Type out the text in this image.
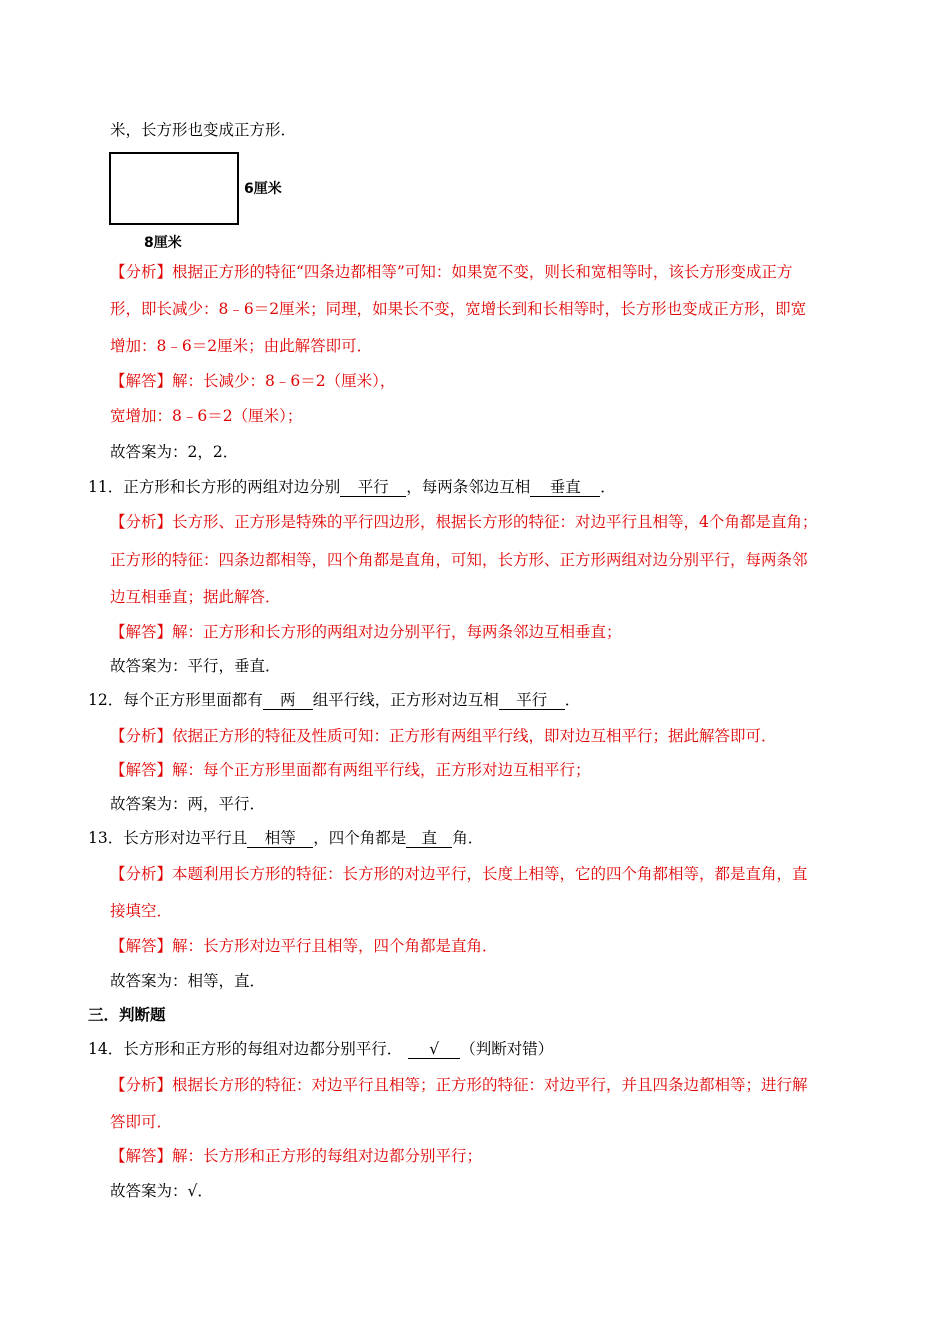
米，长方形也变成正方形．
6厘米
8厘米
【分析】根据正方形的特征“四条边都相等”可知：如果宽不变，则长和宽相等时，该长方形变成正方
形，即长减少：8﹣6＝2厘米；同理，如果长不变，宽增长到和长相等时，长方形也变成正方形，即宽
增加：8﹣6＝2厘米；由此解答即可．
【解答】解：长减少：8﹣6＝2（厘米），
宽增加：8﹣6＝2（厘米）；
故答案为：2，2．
11．正方形和长方形的两组对边分别 平行 ，每两条邻边互相 垂直 ．
【分析】长方形、正方形是特殊的平行四边形，根据长方形的特征：对边平行且相等，4个角都是直角；
正方形的特征：四条边都相等，四个角都是直角，可知，长方形、正方形两组对边分别平行，每两条邻
边互相垂直；据此解答．
【解答】解：正方形和长方形的两组对边分别平行，每两条邻边互相垂直；
故答案为：平行，垂直．
12．每个正方形里面都有 两 组平行线，正方形对边互相 平行 ．
【分析】依据正方形的特征及性质可知：正方形有两组平行线，即对边互相平行；据此解答即可．
【解答】解：每个正方形里面都有两组平行线，正方形对边互相平行；
故答案为：两，平行．
13．长方形对边平行且 相等 ，四个角都是 直 角．
【分析】本题利用长方形的特征：长方形的对边平行，长度上相等，它的四个角都相等，都是直角，直
接填空．
【解答】解：长方形对边平行且相等，四个角都是直角．
故答案为：相等，直．
三．判断题
14．长方形和正方形的每组对边都分别平行． √ （判断对错）
【分析】根据长方形的特征：对边平行且相等；正方形的特征：对边平行，并且四条边都相等；进行解
答即可．
【解答】解：长方形和正方形的每组对边都分别平行；
故答案为：√．
